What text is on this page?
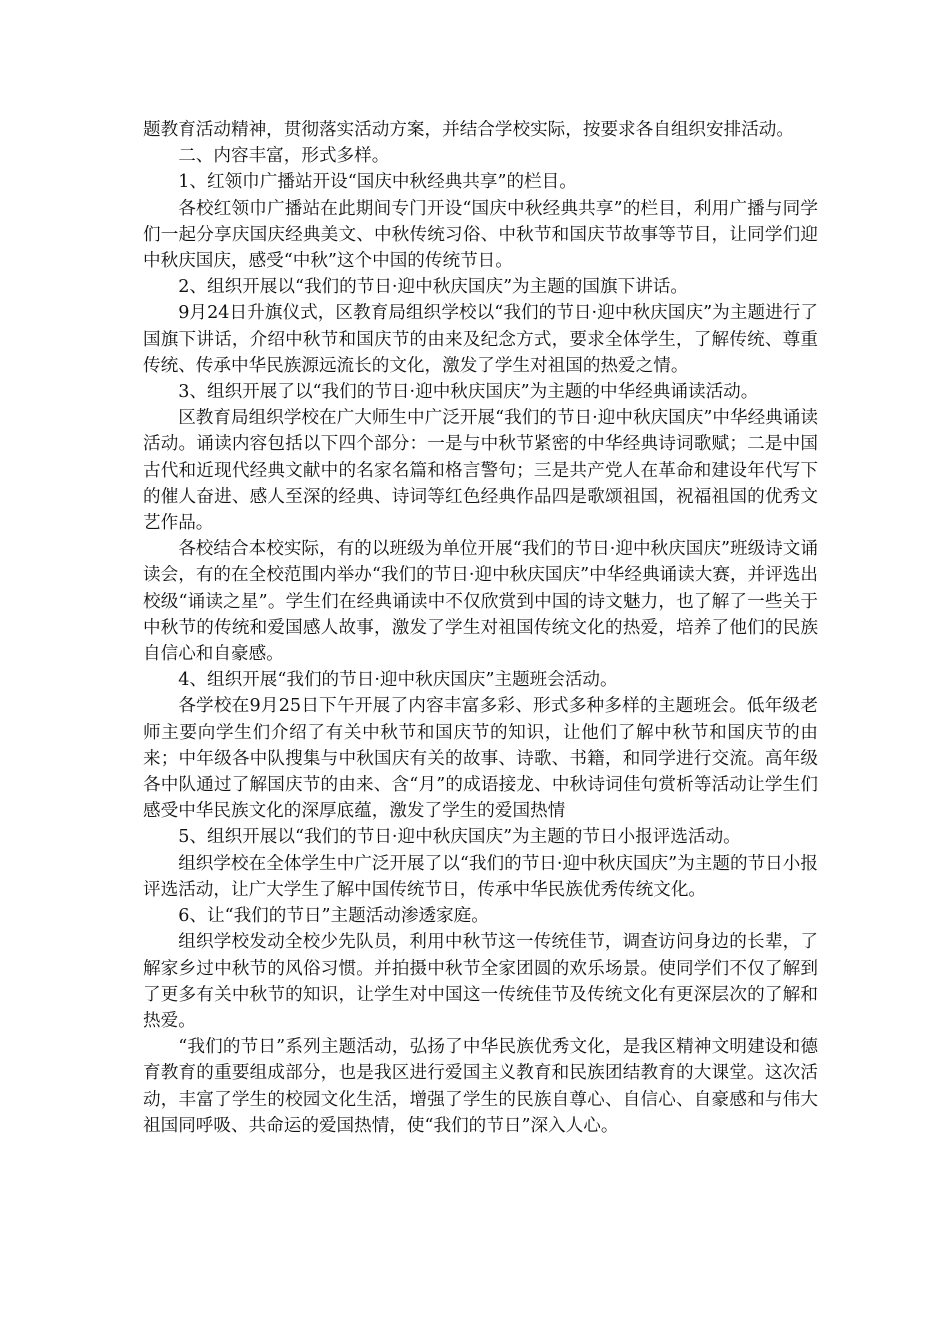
题教育活动精神，贯彻落实活动方案，并结合学校实际，按要求各自组织安排活动。

二、内容丰富，形式多样。

1、红领巾广播站开设“国庆中秋经典共享”的栏目。

各校红领巾广播站在此期间专门开设“国庆中秋经典共享”的栏目，利用广播与同学们一起分享庆国庆经典美文、中秋传统习俗、中秋节和国庆节故事等节目，让同学们迎中秋庆国庆，感受“中秋”这个中国的传统节日。

2、组织开展以“我们的节日·迎中秋庆国庆”为主题的国旗下讲话。

9月24日升旗仪式，区教育局组织学校以“我们的节日·迎中秋庆国庆”为主题进行了国旗下讲话，介绍中秋节和国庆节的由来及纪念方式，要求全体学生，了解传统、尊重传统、传承中华民族源远流长的文化，激发了学生对祖国的热爱之情。

3、组织开展了以“我们的节日·迎中秋庆国庆”为主题的中华经典诵读活动。

区教育局组织学校在广大师生中广泛开展“我们的节日·迎中秋庆国庆”中华经典诵读活动。诵读内容包括以下四个部分：一是与中秋节紧密的中华经典诗词歌赋；二是中国古代和近现代经典文献中的名家名篇和格言警句；三是共产党人在革命和建设年代写下的催人奋进、感人至深的经典、诗词等红色经典作品四是歌颂祖国，祝福祖国的优秀文艺作品。

各校结合本校实际，有的以班级为单位开展“我们的节日·迎中秋庆国庆”班级诗文诵读会，有的在全校范围内举办“我们的节日·迎中秋庆国庆”中华经典诵读大赛，并评选出校级“诵读之星”。学生们在经典诵读中不仅欣赏到中国的诗文魅力，也了解了一些关于中秋节的传统和爱国感人故事，激发了学生对祖国传统文化的热爱，培养了他们的民族自信心和自豪感。

4、组织开展“我们的节日·迎中秋庆国庆”主题班会活动。

各学校在9月25日下午开展了内容丰富多彩、形式多种多样的主题班会。低年级老师主要向学生们介绍了有关中秋节和国庆节的知识，让他们了解中秋节和国庆节的由来；中年级各中队搜集与中秋国庆有关的故事、诗歌、书籍，和同学进行交流。高年级各中队通过了解国庆节的由来、含“月”的成语接龙、中秋诗词佳句赏析等活动让学生们感受中华民族文化的深厚底蕴，激发了学生的爱国热情

5、组织开展以“我们的节日·迎中秋庆国庆”为主题的节日小报评选活动。

组织学校在全体学生中广泛开展了以“我们的节日·迎中秋庆国庆”为主题的节日小报评选活动，让广大学生了解中国传统节日，传承中华民族优秀传统文化。

6、让“我们的节日”主题活动渗透家庭。

组织学校发动全校少先队员，利用中秋节这一传统佳节，调查访问身边的长辈，了解家乡过中秋节的风俗习惯。并拍摄中秋节全家团圆的欢乐场景。使同学们不仅了解到了更多有关中秋节的知识，让学生对中国这一传统佳节及传统文化有更深层次的了解和热爱。

“我们的节日”系列主题活动，弘扬了中华民族优秀文化，是我区精神文明建设和德育教育的重要组成部分，也是我区进行爱国主义教育和民族团结教育的大课堂。这次活动，丰富了学生的校园文化生活，增强了学生的民族自尊心、自信心、自豪感和与伟大祖国同呼吸、共命运的爱国热情，使“我们的节日”深入人心。
